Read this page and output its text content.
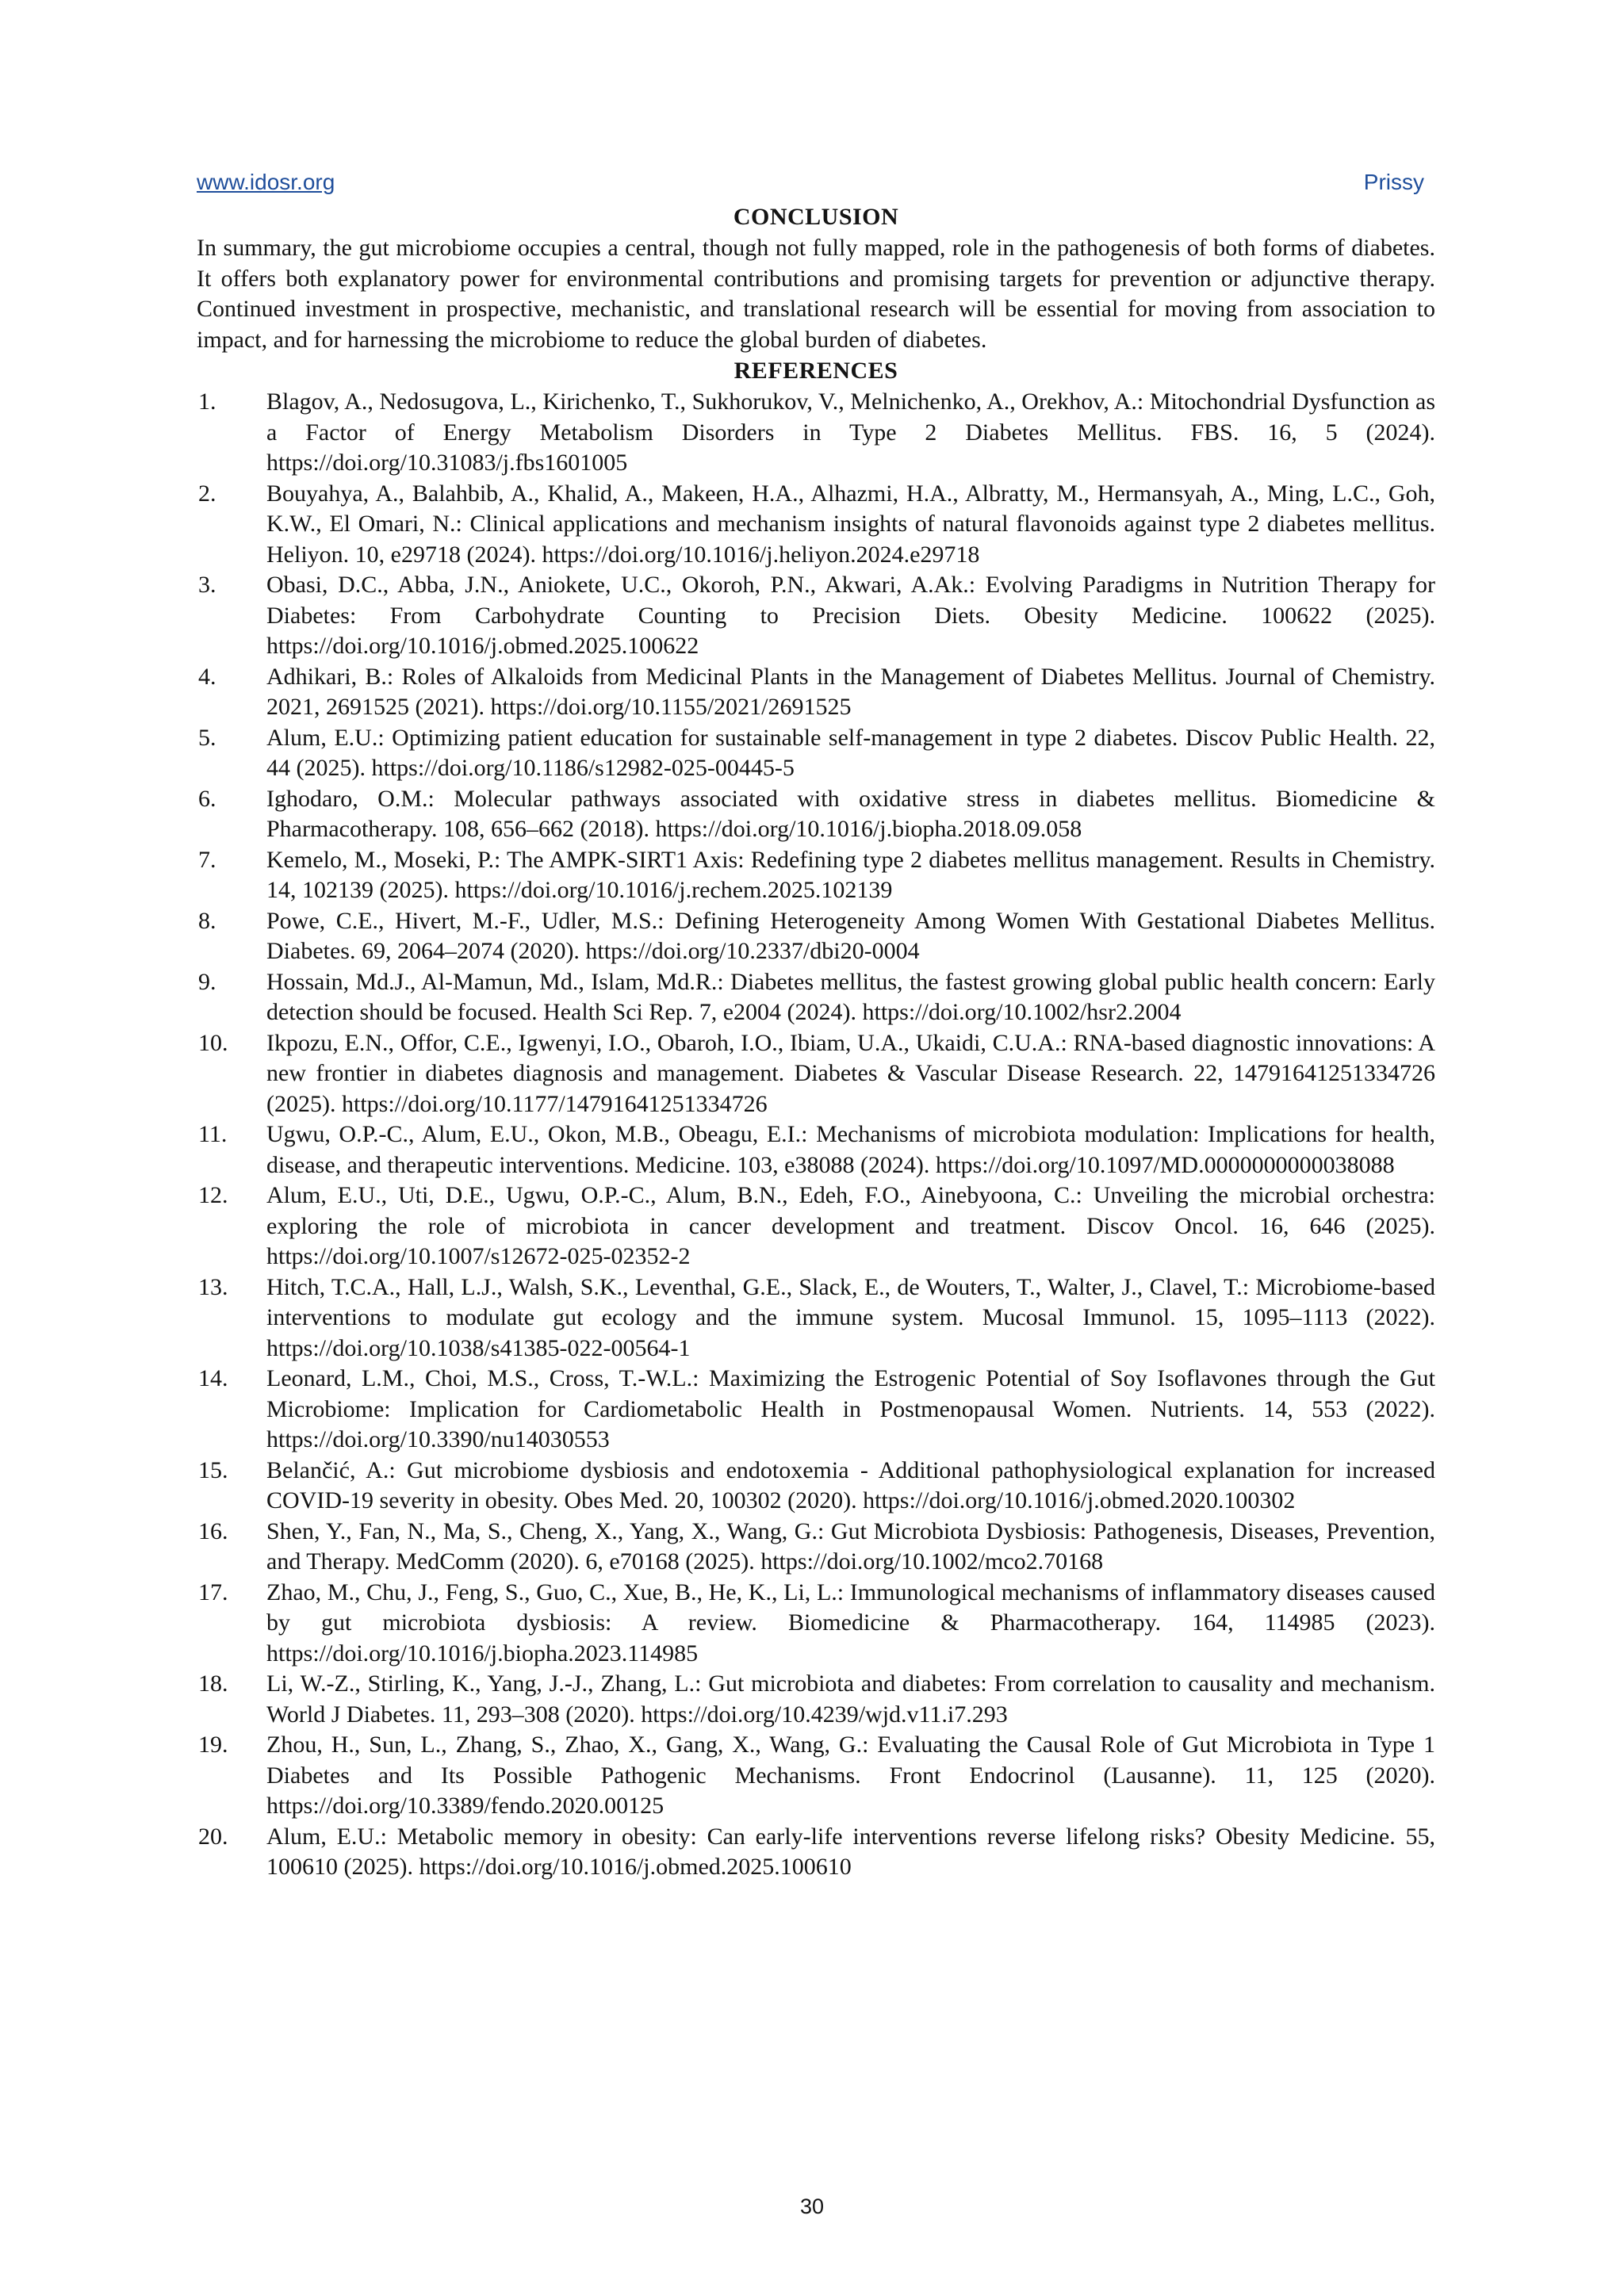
www.idosr.org	Prissy
CONCLUSION

In summary, the gut microbiome occupies a central, though not fully mapped, role in the pathogenesis of both forms of diabetes. It offers both explanatory power for environmental contributions and promising targets for prevention or adjunctive therapy. Continued investment in prospective, mechanistic, and translational research will be essential for moving from association to impact, and for harnessing the microbiome to reduce the global burden of diabetes.

REFERENCES
1. Blagov, A., Nedosugova, L., Kirichenko, T., Sukhorukov, V., Melnichenko, A., Orekhov, A.: Mitochondrial Dysfunction as a Factor of Energy Metabolism Disorders in Type 2 Diabetes Mellitus. FBS. 16, 5 (2024). https://doi.org/10.31083/j.fbs1601005
2. Bouyahya, A., Balahbib, A., Khalid, A., Makeen, H.A., Alhazmi, H.A., Albratty, M., Hermansyah, A., Ming, L.C., Goh, K.W., El Omari, N.: Clinical applications and mechanism insights of natural flavonoids against type 2 diabetes mellitus. Heliyon. 10, e29718 (2024). https://doi.org/10.1016/j.heliyon.2024.e29718
3. Obasi, D.C., Abba, J.N., Aniokete, U.C., Okoroh, P.N., Akwari, A.Ak.: Evolving Paradigms in Nutrition Therapy for Diabetes: From Carbohydrate Counting to Precision Diets. Obesity Medicine. 100622 (2025). https://doi.org/10.1016/j.obmed.2025.100622
4. Adhikari, B.: Roles of Alkaloids from Medicinal Plants in the Management of Diabetes Mellitus. Journal of Chemistry. 2021, 2691525 (2021). https://doi.org/10.1155/2021/2691525
5. Alum, E.U.: Optimizing patient education for sustainable self-management in type 2 diabetes. Discov Public Health. 22, 44 (2025). https://doi.org/10.1186/s12982-025-00445-5
6. Ighodaro, O.M.: Molecular pathways associated with oxidative stress in diabetes mellitus. Biomedicine & Pharmacotherapy. 108, 656–662 (2018). https://doi.org/10.1016/j.biopha.2018.09.058
7. Kemelo, M., Moseki, P.: The AMPK-SIRT1 Axis: Redefining type 2 diabetes mellitus management. Results in Chemistry. 14, 102139 (2025). https://doi.org/10.1016/j.rechem.2025.102139
8. Powe, C.E., Hivert, M.-F., Udler, M.S.: Defining Heterogeneity Among Women With Gestational Diabetes Mellitus. Diabetes. 69, 2064–2074 (2020). https://doi.org/10.2337/dbi20-0004
9. Hossain, Md.J., Al-Mamun, Md., Islam, Md.R.: Diabetes mellitus, the fastest growing global public health concern: Early detection should be focused. Health Sci Rep. 7, e2004 (2024). https://doi.org/10.1002/hsr2.2004
10. Ikpozu, E.N., Offor, C.E., Igwenyi, I.O., Obaroh, I.O., Ibiam, U.A., Ukaidi, C.U.A.: RNA-based diagnostic innovations: A new frontier in diabetes diagnosis and management. Diabetes & Vascular Disease Research. 22, 14791641251334726 (2025). https://doi.org/10.1177/14791641251334726
11. Ugwu, O.P.-C., Alum, E.U., Okon, M.B., Obeagu, E.I.: Mechanisms of microbiota modulation: Implications for health, disease, and therapeutic interventions. Medicine. 103, e38088 (2024). https://doi.org/10.1097/MD.0000000000038088
12. Alum, E.U., Uti, D.E., Ugwu, O.P.-C., Alum, B.N., Edeh, F.O., Ainebyoona, C.: Unveiling the microbial orchestra: exploring the role of microbiota in cancer development and treatment. Discov Oncol. 16, 646 (2025). https://doi.org/10.1007/s12672-025-02352-2
13. Hitch, T.C.A., Hall, L.J., Walsh, S.K., Leventhal, G.E., Slack, E., de Wouters, T., Walter, J., Clavel, T.: Microbiome-based interventions to modulate gut ecology and the immune system. Mucosal Immunol. 15, 1095–1113 (2022). https://doi.org/10.1038/s41385-022-00564-1
14. Leonard, L.M., Choi, M.S., Cross, T.-W.L.: Maximizing the Estrogenic Potential of Soy Isoflavones through the Gut Microbiome: Implication for Cardiometabolic Health in Postmenopausal Women. Nutrients. 14, 553 (2022). https://doi.org/10.3390/nu14030553
15. Belančić, A.: Gut microbiome dysbiosis and endotoxemia - Additional pathophysiological explanation for increased COVID-19 severity in obesity. Obes Med. 20, 100302 (2020). https://doi.org/10.1016/j.obmed.2020.100302
16. Shen, Y., Fan, N., Ma, S., Cheng, X., Yang, X., Wang, G.: Gut Microbiota Dysbiosis: Pathogenesis, Diseases, Prevention, and Therapy. MedComm (2020). 6, e70168 (2025). https://doi.org/10.1002/mco2.70168
17. Zhao, M., Chu, J., Feng, S., Guo, C., Xue, B., He, K., Li, L.: Immunological mechanisms of inflammatory diseases caused by gut microbiota dysbiosis: A review. Biomedicine & Pharmacotherapy. 164, 114985 (2023). https://doi.org/10.1016/j.biopha.2023.114985
18. Li, W.-Z., Stirling, K., Yang, J.-J., Zhang, L.: Gut microbiota and diabetes: From correlation to causality and mechanism. World J Diabetes. 11, 293–308 (2020). https://doi.org/10.4239/wjd.v11.i7.293
19. Zhou, H., Sun, L., Zhang, S., Zhao, X., Gang, X., Wang, G.: Evaluating the Causal Role of Gut Microbiota in Type 1 Diabetes and Its Possible Pathogenic Mechanisms. Front Endocrinol (Lausanne). 11, 125 (2020). https://doi.org/10.3389/fendo.2020.00125
20. Alum, E.U.: Metabolic memory in obesity: Can early-life interventions reverse lifelong risks? Obesity Medicine. 55, 100610 (2025). https://doi.org/10.1016/j.obmed.2025.100610
30
